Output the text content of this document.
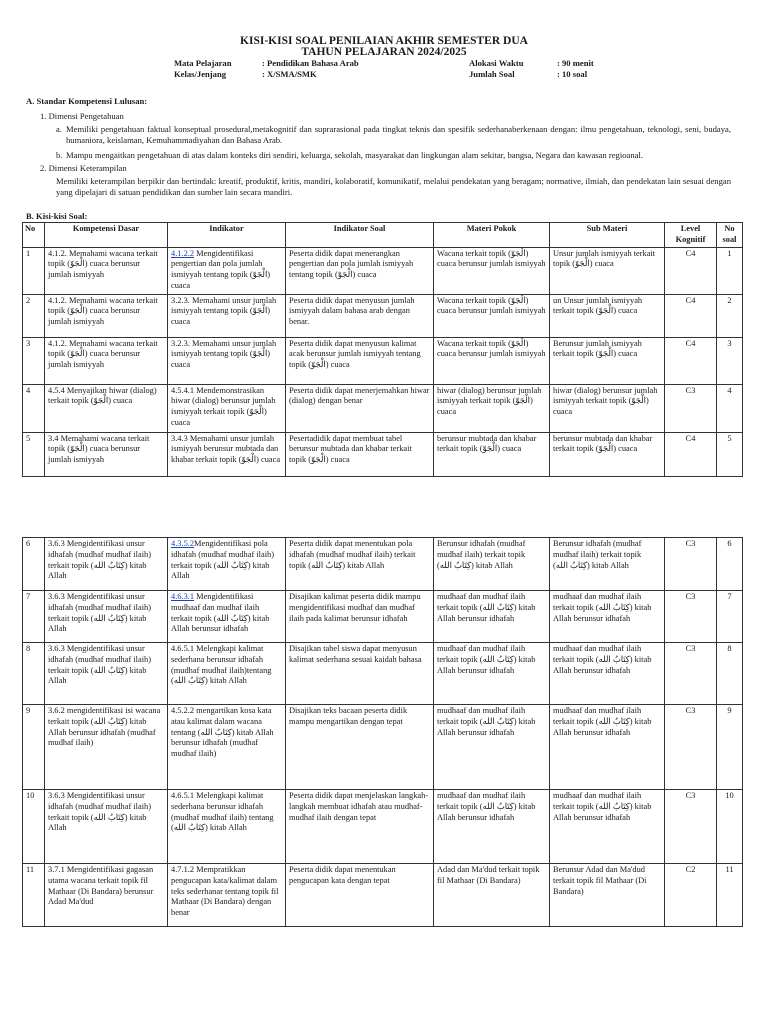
KISI-KISI SOAL PENILAIAN AKHIR SEMESTER DUA
TAHUN PELAJARAN 2024/2025
Mata Pelajaran	: Pendidikan Bahasa Arab
Kelas/Jenjang	: X/SMA/SMK
Alokasi Waktu	: 90 menit
Jumlah Soal	: 10 soal
A. Standar Kompetensi Lulusan:
1. Dimensi Pengetahuan
a. Memiliki pengetahuan faktual konseptual prosedural,metakognitif dan suprarasional pada tingkat teknis dan spesifik sederhanaberkenaan dengan: ilmu pengetahuan, teknologi, seni, budaya, humaniora, keislaman, Kemuhammadiyahan dan Bahasa Arab.
b. Mampu mengaitkan pengetahuan di atas dalam konteks diri sendiri, keluarga, sekolah, masyarakat dan lingkungan alam sekitar, bangsa, Negara dan kawasan regioanal.
2. Dimensi Keterampilan
Memiliki keterampilan berpikir dan bertindak: kreatif, produktif, kritis, mandiri, kolaboratif, komunikatif, melalui pendekatan yang beragam; normative, ilmiah, dan pendekatan lain sesuai dengan yang dipelajari di satuan pendidikan dan sumber lain secara mandiri.
B. Kisi-kisi Soal:
No	Kompetensi Dasar	Indikator	Indikator Soal	Materi Pokok	Sub Materi	Level Kognitif	No soal
1	4.1.2. Memahami wacana terkait topik (الْجَوّ) cuaca berunsur jumlah ismiyyah	4.1.2.2 Mengidentifikasi pengertian dan pola jumlah ismiyyah tentang topik (الْجَوّ) cuaca	Peserta didik dapat menerangkan pengertian dan pola jumlah ismiyyah tentang topik (الْجَوّ) cuaca	Wacana terkait topik (الْجَوّ) cuaca berunsur jumlah ismiyyah	Unsur jumlah ismiyyah terkait topik (الْجَوّ) cuaca	C4	1
2	4.1.2. Memahami wacana terkait topik (الْجَوّ) cuaca berunsur jumlah ismiyyah	3.2.3. Memahami unsur jumlah ismiyyah tentang topik (الْجَوّ) cuaca	Peserta didik dapat menyusun jumlah ismiyyah dalam bahasa arab dengan benar.	Wacana terkait topik (الْجَوّ) cuaca berunsur jumlah ismiyyah	un Unsur jumlah ismiyyah terkait topik (الْجَوّ) cuaca	C4	2
3	4.1.2. Memahami wacana terkait topik (الْجَوّ) cuaca berunsur jumlah ismiyyah	3.2.3. Memahami unsur jumlah ismiyyah tentang topik (الْجَوّ) cuaca	Peserta didik dapat menyusun kalimat acak berunsur jumlah ismiyyah tentang topik (الْجَوّ) cuaca	Wacana terkait topik (الْجَوّ) cuaca berunsur jumlah ismiyyah	Berunsur jumlah ismiyyah terkait topik (الْجَوّ) cuaca	C4	3
4	4.5.4 Menyajikan hiwar (dialog) terkait topik (الْجَوّ) cuaca	4.5.4.1 Mendemonstrasikan hiwar (dialog) berunsur jumlah ismiyyah terkait topik (الْجَوّ) cuaca	Peserta didik dapat menerjemahkan hiwar (dialog) dengan benar	hiwar (dialog) berunsur jumlah ismiyyah terkait topik (الْجَوّ) cuaca	hiwar (dialog) berunsur jumlah ismiyyah terkait topik (الْجَوّ) cuaca	C3	4
5	3.4 Memahami wacana terkait topik (الْجَوّ) cuaca berunsur jumlah ismiyyah	3.4.3 Memahami unsur jumlah ismiyyah berunsur mubtada dan khabar terkait topik (الْجَوّ) cuaca	Pesertadidik dapat membuat tabel berunsur mubtada dan khabar terkait topik (الْجَوّ) cuaca	berunsur mubtada dan khabar terkait topik (الْجَوّ) cuaca	berunsur mubtada dan khabar terkait topik (الْجَوّ) cuaca	C4	5
6	3.6.3 Mengidentifikasi unsur idhafah (mudhaf mudhaf ilaih) terkait topik (كِتَابُ الله) kitab Allah	4.3.5.2Mengidentifikasi pola idhafah (mudhaf mudhaf ilaih) terkait topik (كِتَابُ الله) kitab Allah	Peserta didik dapat menentukan pola idhafah (mudhaf mudhaf ilaih) terkait topik (كِتَابُ الله) kitab Allah	Berunsur idhafah (mudhaf mudhaf ilaih) terkait topik (كِتَابُ الله) kitab Allah	Berunsur idhafah (mudhaf mudhaf ilaih) terkait topik (كِتَابُ الله) kitab Allah	C3	6
7	3.6.3 Mengidentifikasi unsur idhafah (mudhaf mudhaf ilaih) terkait topik (كِتَابُ الله) kitab Allah	4.6.3.1 Mengidentifikasi mudhaaf dan mudhaf ilaih terkait topik (كِتَابُ الله) kitab Allah berunsur idhafah	Disajikan kalimat peserta didik mampu mengidentifikasi mudhaf dan mudhaf ilaih pada kalimat berunsur idhafah	mudhaaf dan mudhaf ilaih terkait topik (كِتَابُ الله) kitab Allah berunsur idhafah	mudhaaf dan mudhaf ilaih terkait topik (كِتَابُ الله) kitab Allah berunsur idhafah	C3	7
8	3.6.3 Mengidentifikasi unsur idhafah (mudhaf mudhaf ilaih) terkait topik (كِتَابُ الله) kitab Allah	4.6.5.1 Melengkapi kalimat sederhana berunsur idhafah (mudhaf mudhaf ilaih)tentang (كِتَابُ الله) kitab Allah	Disajikan tabel siswa dapat menyusun kalimat sederhana sesuai kaidah bahasa	mudhaaf dan mudhaf ilaih terkait topik (كِتَابُ الله) kitab Allah berunsur idhafah	mudhaaf dan mudhaf ilaih terkait topik (كِتَابُ الله) kitab Allah berunsur idhafah	C3	8
9	3.6.2 mengidentifikasi isi wacana terkait topik (كِتَابُ الله) kitab Allah berunsur idhafah (mudhaf mudhaf ilaih)	4.5.2.2 mengartikan kosa kata atau kalimat dalam wacana tentang (كِتَابُ الله) kitab Allah berunsur idhafah (mudhaf mudhaf ilaih)	Disajikan teks bacaan peserta didik mampu mengartikan dengan tepat	mudhaaf dan mudhaf ilaih terkait topik (كِتَابُ الله) kitab Allah berunsur idhafah	mudhaaf dan mudhaf ilaih terkait topik (كِتَابُ الله) kitab Allah berunsur idhafah	C3	9
10	3.6.3 Mengidentifikasi unsur idhafah (mudhaf mudhaf ilaih) terkait topik (كِتَابُ الله) kitab Allah	4.6.5.1 Melengkapi kalimat sederhana berunsur idhafah (mudhaf mudhaf ilaih) tentang (كِتَابُ الله) kitab Allah	Peserta didik dapat menjelaskan langkah-langkah membuat idhafah atau mudhaf-mudhaf ilaih dengan tepat	mudhaaf dan mudhaf ilaih terkait topik (كِتَابُ الله) kitab Allah berunsur idhafah	mudhaaf dan mudhaf ilaih terkait topik (كِتَابُ الله) kitab Allah berunsur idhafah	C3	10
11	3.7.1 Mengidentifikasi gagasan utama wacana terkait topik fil Mathaar (Di Bandara) berunsur Adad Ma'dud	4.7.1.2 Mempratikkan pengucapan kata/kalimat dalam teks sederhanar tentang topik fil Mathaar (Di Bandara) dengan benar	Peserta didik dapat menentukan pengucapan kata dengan tepat	Adad dan Ma'dud terkait topik fil Mathaar (Di Bandara)	Berunsur Adad dan Ma'dud terkait topik fil Mathaar (Di Bandara)	C2	11
